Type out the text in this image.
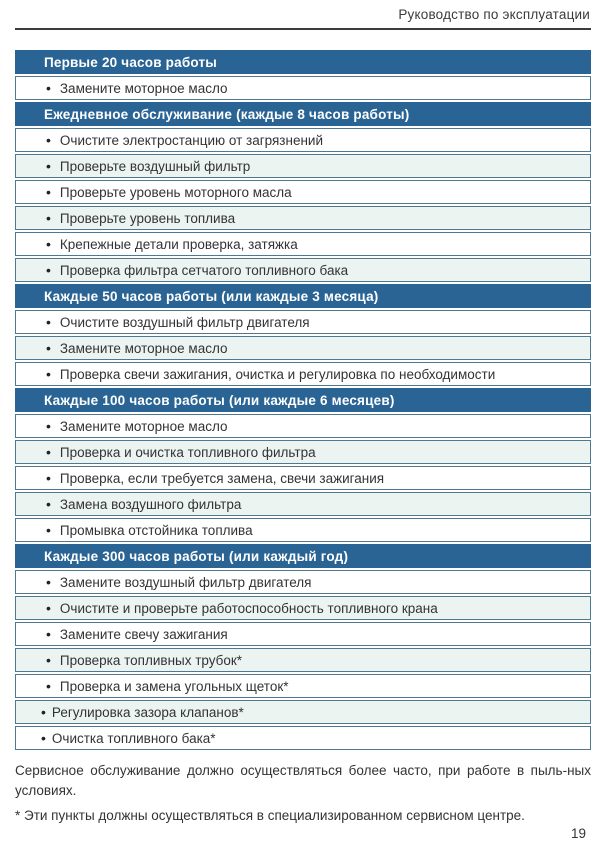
Руководство по эксплуатации
Первые 20 часов работы
• Замените моторное масло
Ежедневное обслуживание (каждые 8 часов работы)
• Очистите электростанцию от загрязнений
• Проверьте воздушный фильтр
• Проверьте уровень моторного масла
• Проверьте уровень топлива
• Крепежные детали проверка, затяжка
• Проверка фильтра сетчатого топливного бака
Каждые 50 часов работы (или каждые 3 месяца)
• Очистите воздушный фильтр двигателя
• Замените моторное масло
• Проверка свечи зажигания, очистка и регулировка по необходимости
Каждые 100 часов работы (или каждые 6 месяцев)
• Замените моторное масло
• Проверка и очистка топливного фильтра
• Проверка, если требуется замена, свечи зажигания
• Замена воздушного фильтра
• Промывка отстойника топлива
Каждые 300 часов работы (или каждый год)
• Замените воздушный фильтр двигателя
• Очистите и проверьте работоспособность топливного крана
• Замените свечу зажигания
• Проверка топливных трубок*
• Проверка и замена угольных щеток*
• Регулировка зазора клапанов*
• Очистка топливного бака*

Сервисное обслуживание должно осуществляться более часто, при работе в пыль-ных условиях.

* Эти пункты должны осуществляться в специализированном сервисном центре.

19
